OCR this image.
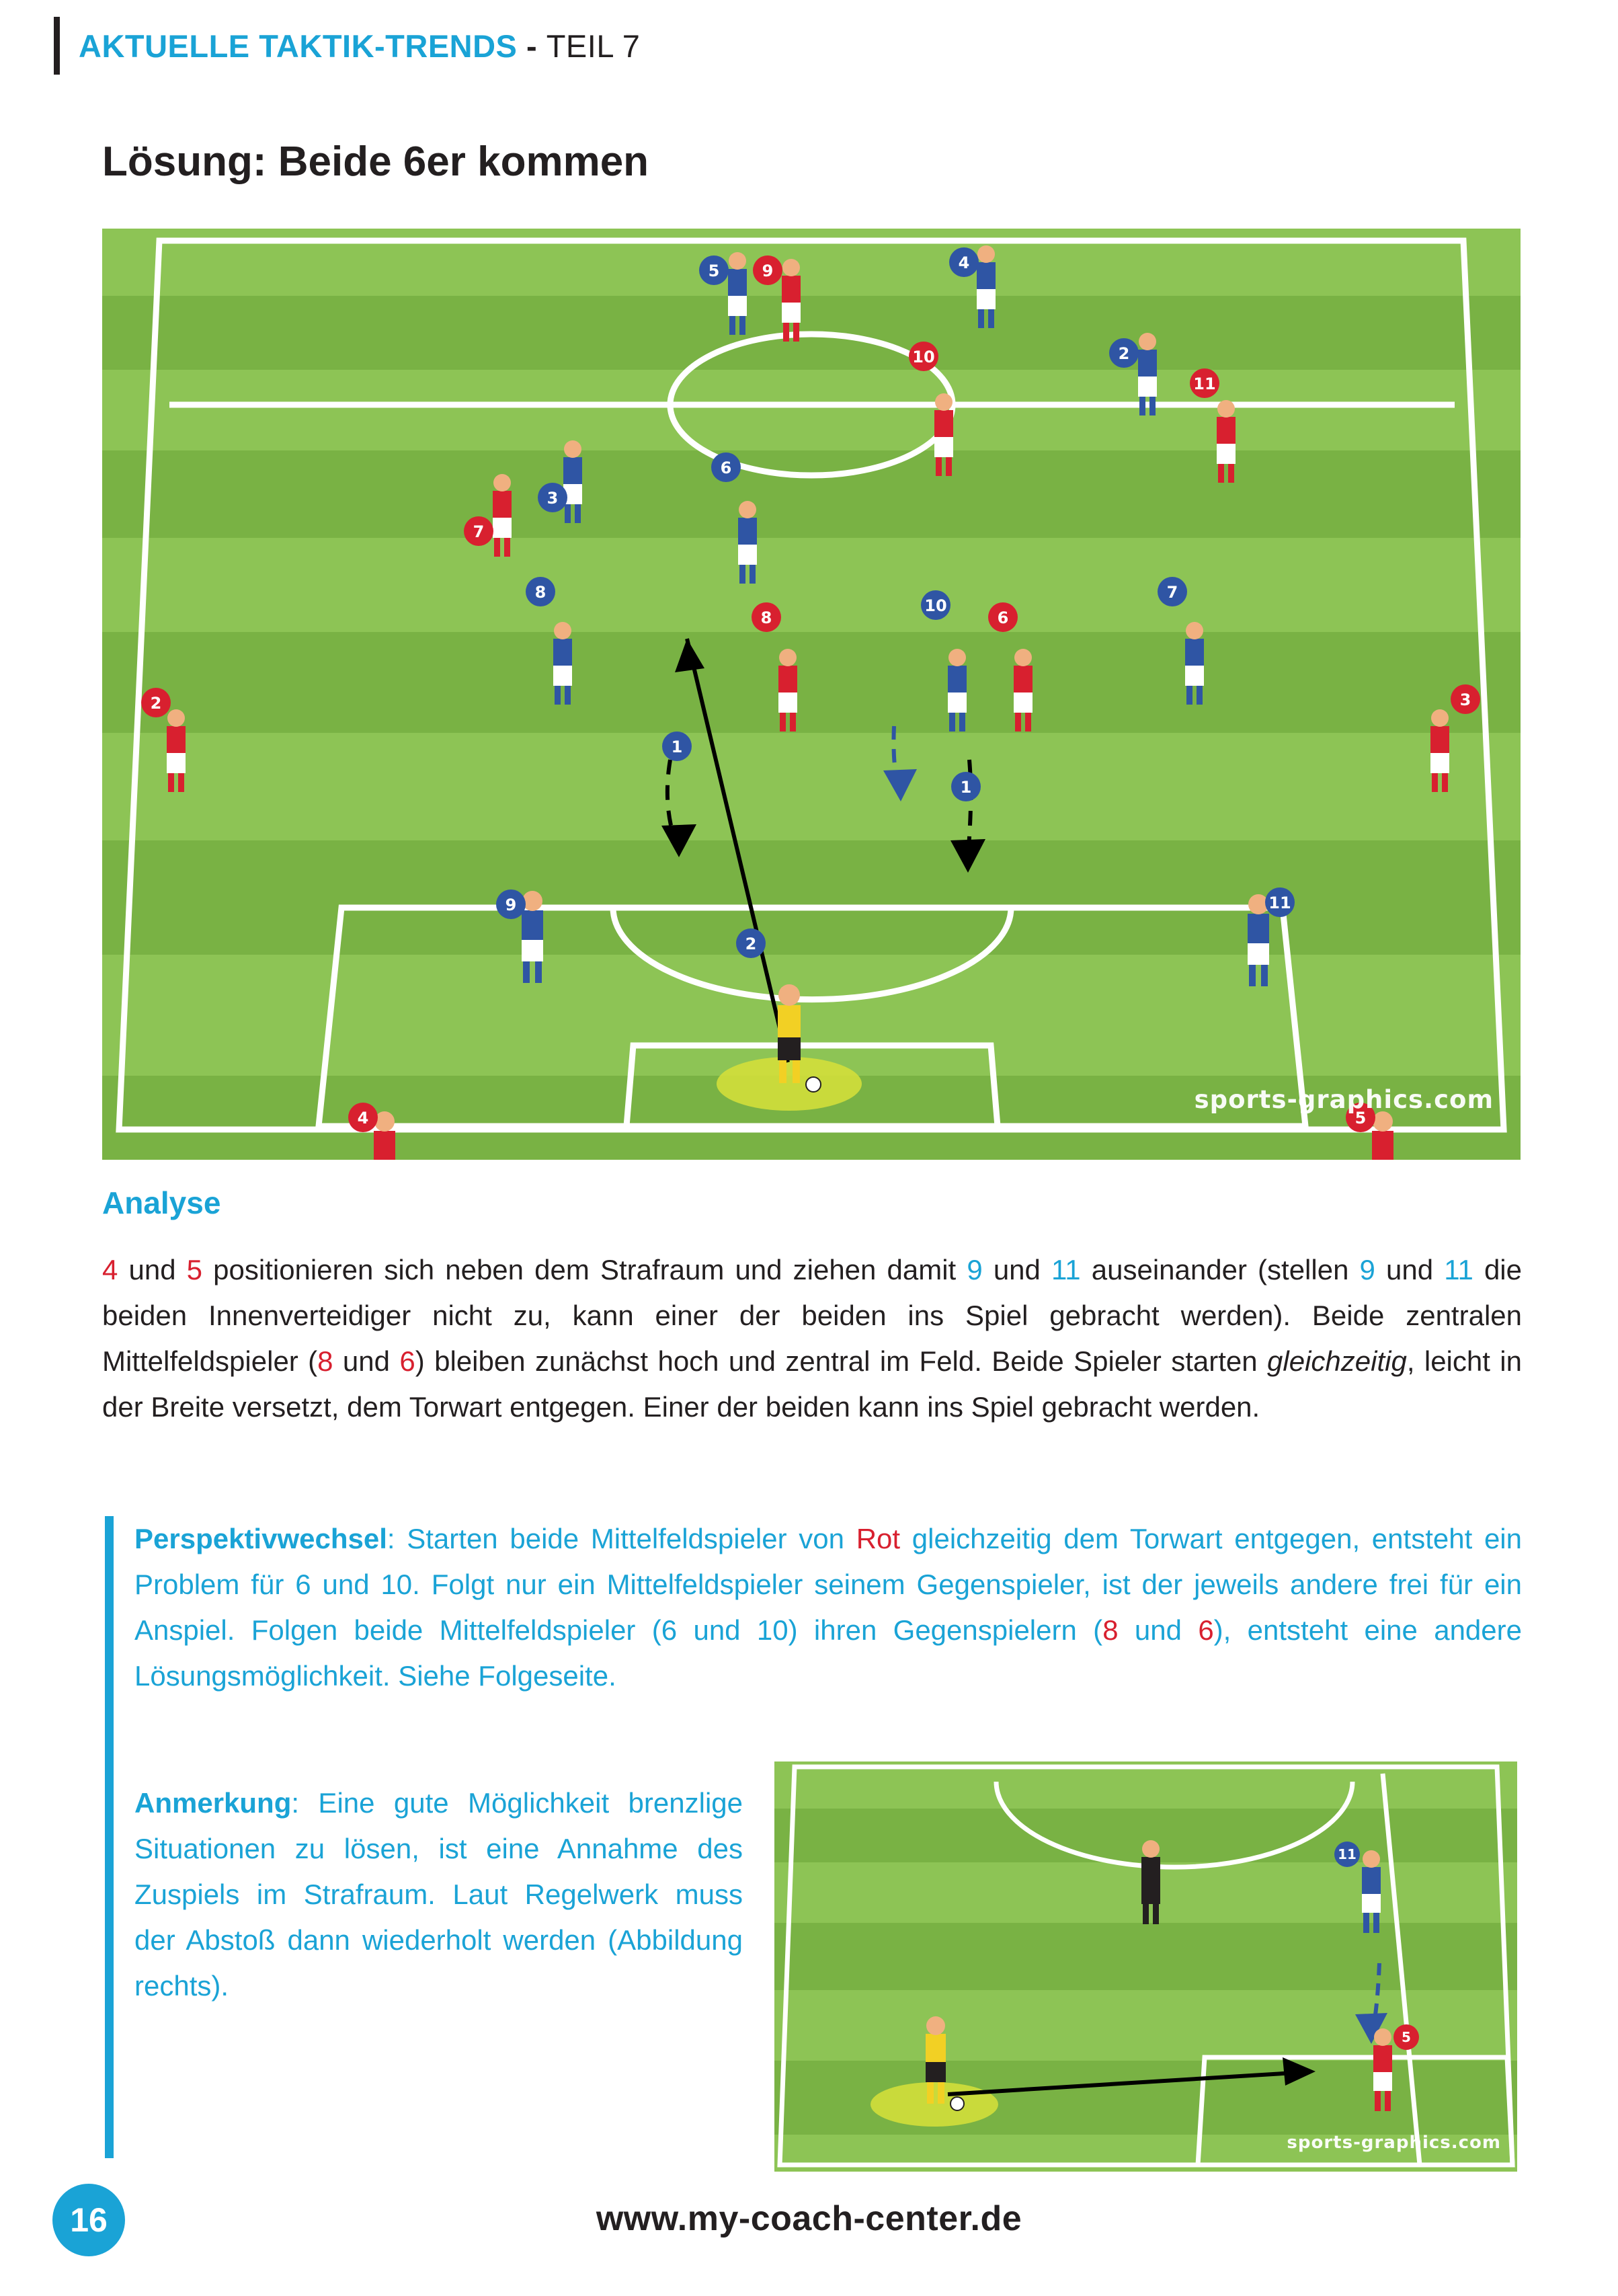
AKTUELLE TAKTIK-TRENDS - TEIL 7
Lösung: Beide 6er kommen
3
7
5	9	4
10	2
11
6
8
8
10
6
7
2	3
9	11
4	5
1
1
2
sports-graphics.com
Analyse
4 und 5 positionieren sich neben dem Strafraum und ziehen damit 9 und 11 auseinander (stellen 9 und 11 die beiden Innenverteidiger nicht zu, kann einer der beiden ins Spiel gebracht werden). Beide zentralen Mittelfeldspieler (8 und 6) bleiben zunächst hoch und zentral im Feld. Beide Spieler starten gleichzeitig, leicht in der Breite versetzt, dem Torwart entgegen. Einer der beiden kann ins Spiel gebracht werden.
Perspektivwechsel: Starten beide Mittelfeldspieler von Rot gleichzeitig dem Torwart entgegen, entsteht ein Problem für 6 und 10. Folgt nur ein Mittelfeldspieler seinem Gegenspieler, ist der jeweils andere frei für ein Anspiel. Folgen beide Mittelfeldspieler (6 und 10) ihren Gegenspielern (8 und 6), entsteht eine andere Lösungsmöglichkeit. Siehe Folgeseite.
Anmerkung: Eine gute Möglichkeit brenzlige Situationen zu lösen, ist eine Annahme des Zuspiels im Strafraum. Laut Regelwerk muss der Abstoß dann wiederholt werden (Abbildung rechts).
11
5
sports-graphics.com
16	www.my-coach-center.de
